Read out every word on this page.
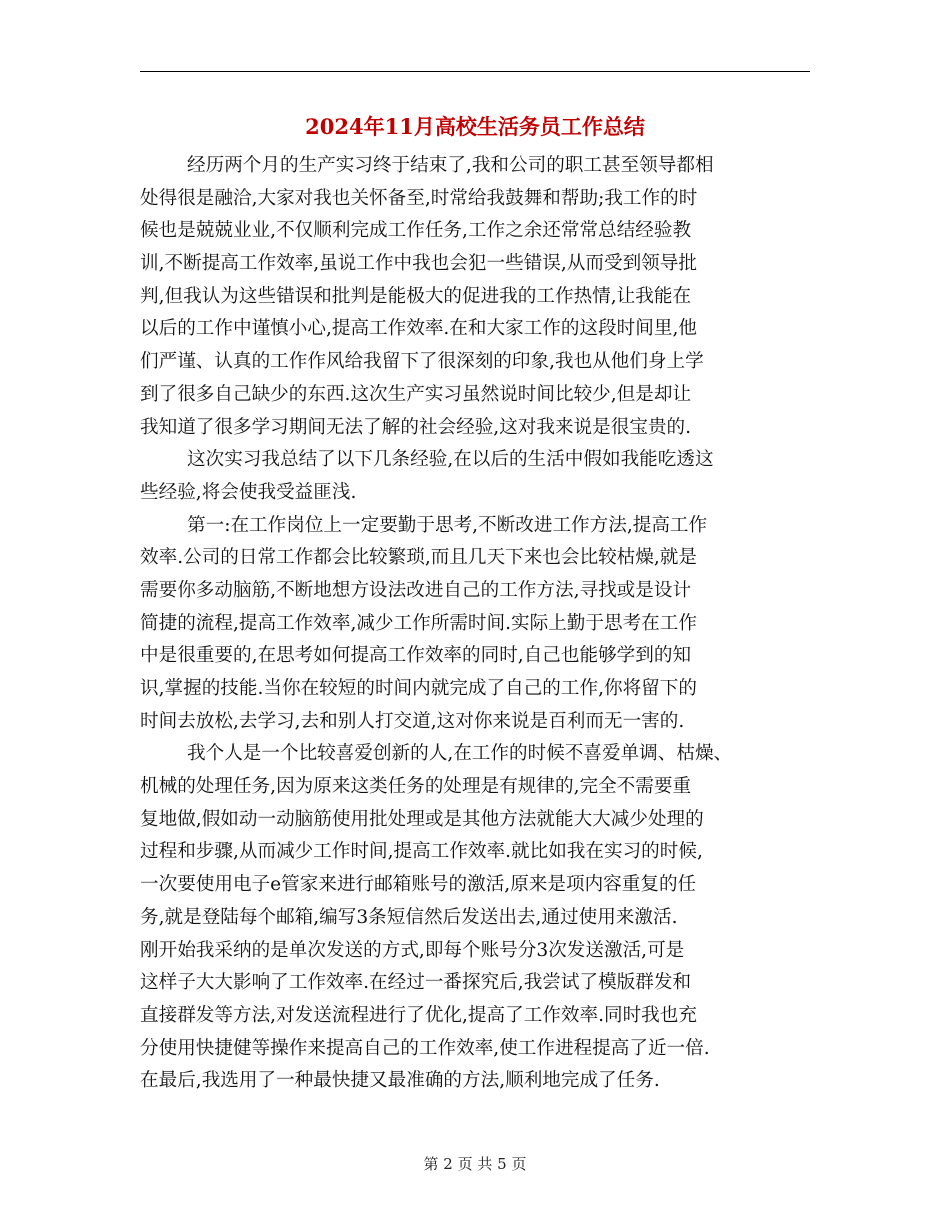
2024年11月高校生活务员工作总结
经历两个月的生产实习终于结束了,我和公司的职工甚至领导都相
处得很是融洽,大家对我也关怀备至,时常给我鼓舞和帮助;我工作的时
候也是兢兢业业,不仅顺利完成工作任务,工作之余还常常总结经验教
训,不断提高工作效率,虽说工作中我也会犯一些错误,从而受到领导批
判,但我认为这些错误和批判是能极大的促进我的工作热情,让我能在
以后的工作中谨慎小心,提高工作效率.在和大家工作的这段时间里,他
们严谨、认真的工作作风给我留下了很深刻的印象,我也从他们身上学
到了很多自己缺少的东西.这次生产实习虽然说时间比较少,但是却让
我知道了很多学习期间无法了解的社会经验,这对我来说是很宝贵的.
这次实习我总结了以下几条经验,在以后的生活中假如我能吃透这
些经验,将会使我受益匪浅.
第一:在工作岗位上一定要勤于思考,不断改进工作方法,提高工作
效率.公司的日常工作都会比较繁琐,而且几天下来也会比较枯燥,就是
需要你多动脑筋,不断地想方设法改进自己的工作方法,寻找或是设计
简捷的流程,提高工作效率,减少工作所需时间.实际上勤于思考在工作
中是很重要的,在思考如何提高工作效率的同时,自己也能够学到的知
识,掌握的技能.当你在较短的时间内就完成了自己的工作,你将留下的
时间去放松,去学习,去和别人打交道,这对你来说是百利而无一害的.
我个人是一个比较喜爱创新的人,在工作的时候不喜爱单调、枯燥、
机械的处理任务,因为原来这类任务的处理是有规律的,完全不需要重
复地做,假如动一动脑筋使用批处理或是其他方法就能大大减少处理的
过程和步骤,从而减少工作时间,提高工作效率.就比如我在实习的时候,
一次要使用电子e管家来进行邮箱账号的激活,原来是项内容重复的任
务,就是登陆每个邮箱,编写3条短信然后发送出去,通过使用来激活.
刚开始我采纳的是单次发送的方式,即每个账号分3次发送激活,可是
这样子大大影响了工作效率.在经过一番探究后,我尝试了模版群发和
直接群发等方法,对发送流程进行了优化,提高了工作效率.同时我也充
分使用快捷健等操作来提高自己的工作效率,使工作进程提高了近一倍.
在最后,我选用了一种最快捷又最准确的方法,顺利地完成了任务.
第 2 页 共 5 页
